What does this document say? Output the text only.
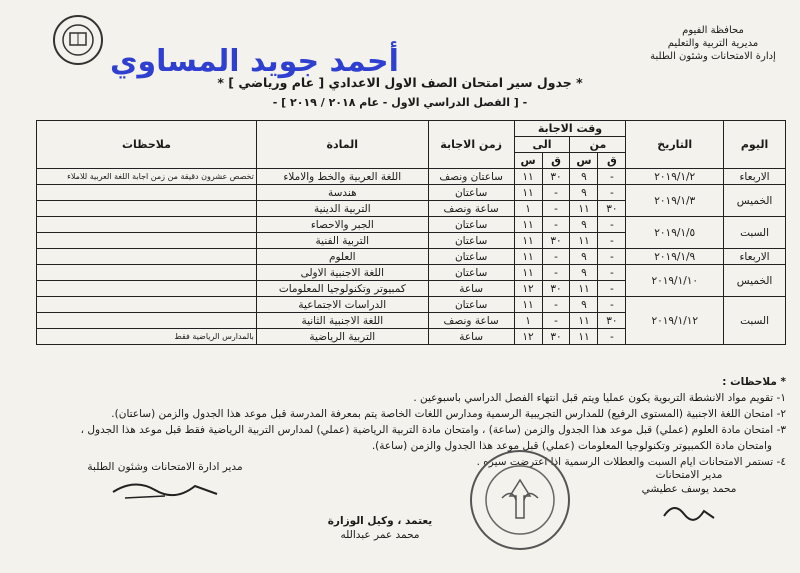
محافظة الفيوم
مديرية التربية والتعليم
إدارة الامتحانات وشئون الطلبة
أحمد جويد المساوي
* جدول سير امتحان الصف الاول الاعدادي [ عام ورياضي ] *
- [ الفصل الدراسي الاول - عام ٢٠١٨ / ٢٠١٩ ] -
اليوم	التاريخ	وقت الاجابة				زمن الاجابة	المادة	ملاحظات
		من		الى				
		ق	س	ق	س			
الاربعاء	٢٠١٩/١/٢	-	٩	٣٠	١١	ساعتان ونصف	اللغة العربية والخط والاملاء	تخصص عشرون دقيقة من زمن اجابة اللغة العربية للاملاء
الخميس	٢٠١٩/١/٣	-	٩	-	١١	ساعتان	هندسة	
		٣٠	١١	-	١	ساعة ونصف	التربية الدينية	
السبت	٢٠١٩/١/٥	-	٩	-	١١	ساعتان	الجبر والاحصاء	
		-	١١	٣٠	١١	ساعتان	التربية الفنية	
الاربعاء	٢٠١٩/١/٩	-	٩	-	١١	ساعتان	العلوم	
الخميس	٢٠١٩/١/١٠	-	٩	-	١١	ساعتان	اللغة الاجنبية الاولى	
		-	١١	٣٠	١٢	ساعة	كمبيوتر وتكنولوجيا المعلومات	
السبت	٢٠١٩/١/١٢	-	٩	-	١١	ساعتان	الدراسات الاجتماعية	
		٣٠	١١	-	١	ساعة ونصف	اللغة الاجنبية الثانية	
		-	١١	٣٠	١٢	ساعة	التربية الرياضية	بالمدارس الرياضية فقط
* ملاحظات :
١- تقويم مواد الانشطة التربوية يكون عمليا ويتم قبل انتهاء الفصل الدراسي باسبوعين .
٢- امتحان اللغة الاجنبية (المستوى الرفيع) للمدارس التجريبية الرسمية ومدارس اللغات الخاصة يتم بمعرفة المدرسة قبل موعد هذا الجدول والزمن (ساعتان).
٣- امتحان مادة العلوم (عملي) قبل موعد هذا الجدول والزمن (ساعة) ، وامتحان مادة التربية الرياضية (عملي) لمدارس التربية الرياضية فقط قبل موعد هذا الجدول ،
وامتحان مادة الكمبيوتر وتكنولوجيا المعلومات (عملي) قبل موعد هذا الجدول والزمن (ساعة).
٤- تستمر الامتحانات ايام السبت والعطلات الرسمية اذا اعترضت سيره .
مدير الامتحانات
محمد يوسف عطيشي
يعتمد ، وكيل الوزارة
محمد عمر عبدالله
مدير ادارة الامتحانات وشئون الطلبة
